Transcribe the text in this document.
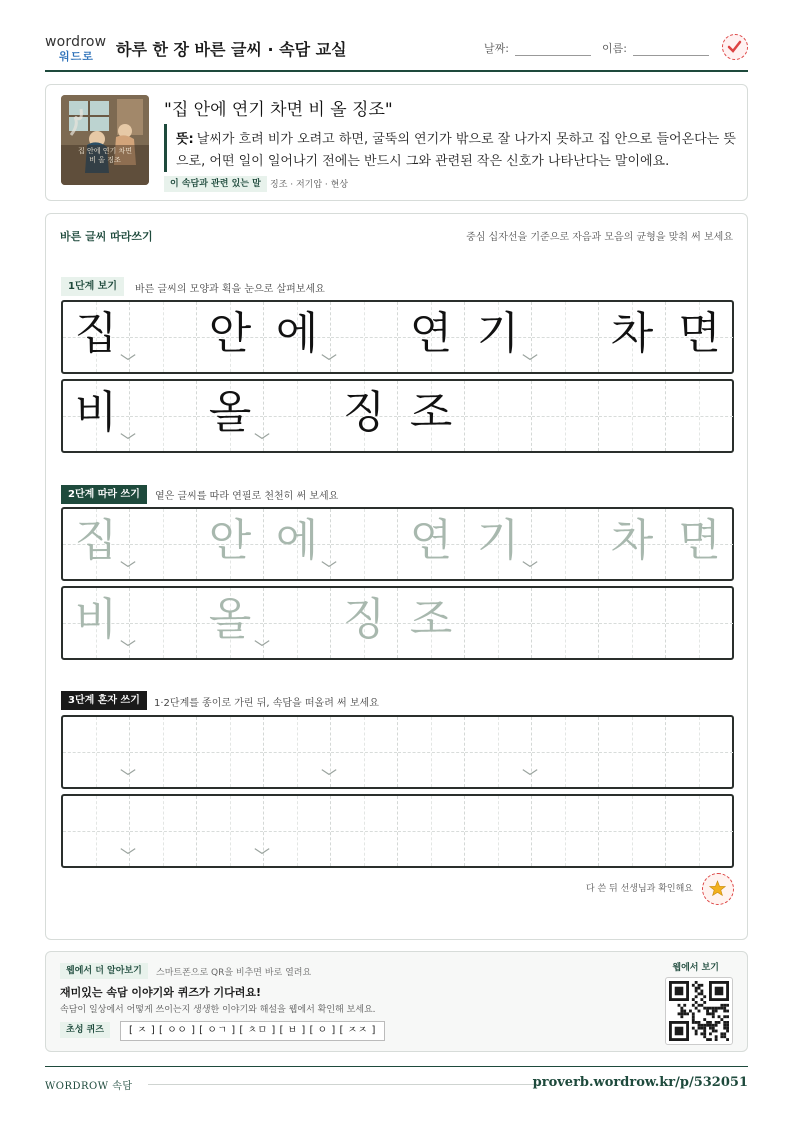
wordrow
워드로 하루 한 장 바른 글씨 · 속담 교실	날짜:	이름:
집 안에 연기 차면
비 올 징조
"집 안에 연기 차면 비 올 징조"
뜻: 날씨가 흐려 비가 오려고 하면, 굴뚝의 연기가 밖으로 잘 나가지 못하고 집 안으로 들어온다는 뜻으로, 어떤 일이 일어나기 전에는 반드시 그와 관련된 작은 신호가 나타난다는 말이에요.
이 속담과 관련 있는 말	징조 · 저기압 · 현상
바른 글씨 따라쓰기	중심 십자선을 기준으로 자음과 모음의 균형을 맞춰 써 보세요
1단계 보기	바른 글씨의 모양과 획을 눈으로 살펴보세요
집 안 에 연 기 차 면
비 올 징 조
2단계 따라 쓰기	옅은 글씨를 따라 연필로 천천히 써 보세요
집 안 에 연 기 차 면
비 올 징 조
3단계 혼자 쓰기	1·2단계를 종이로 가린 뒤, 속담을 떠올려 써 보세요
다 쓴 뒤 선생님과 확인해요
웹에서 더 알아보기	스마트폰으로 QR을 비추면 바로 열려요
재미있는 속담 이야기와 퀴즈가 기다려요!
속담이 일상에서 어떻게 쓰이는지 생생한 이야기와 해설을 웹에서 확인해 보세요.
초성 퀴즈	[ ㅈ ] [ ㅇㅇ ] [ ㅇㄱ ] [ ㅊㅁ ] [ ㅂ ] [ ㅇ ] [ ㅈㅈ ]
웹에서 보기
WORDROW 속담	proverb.wordrow.kr/p/532051
